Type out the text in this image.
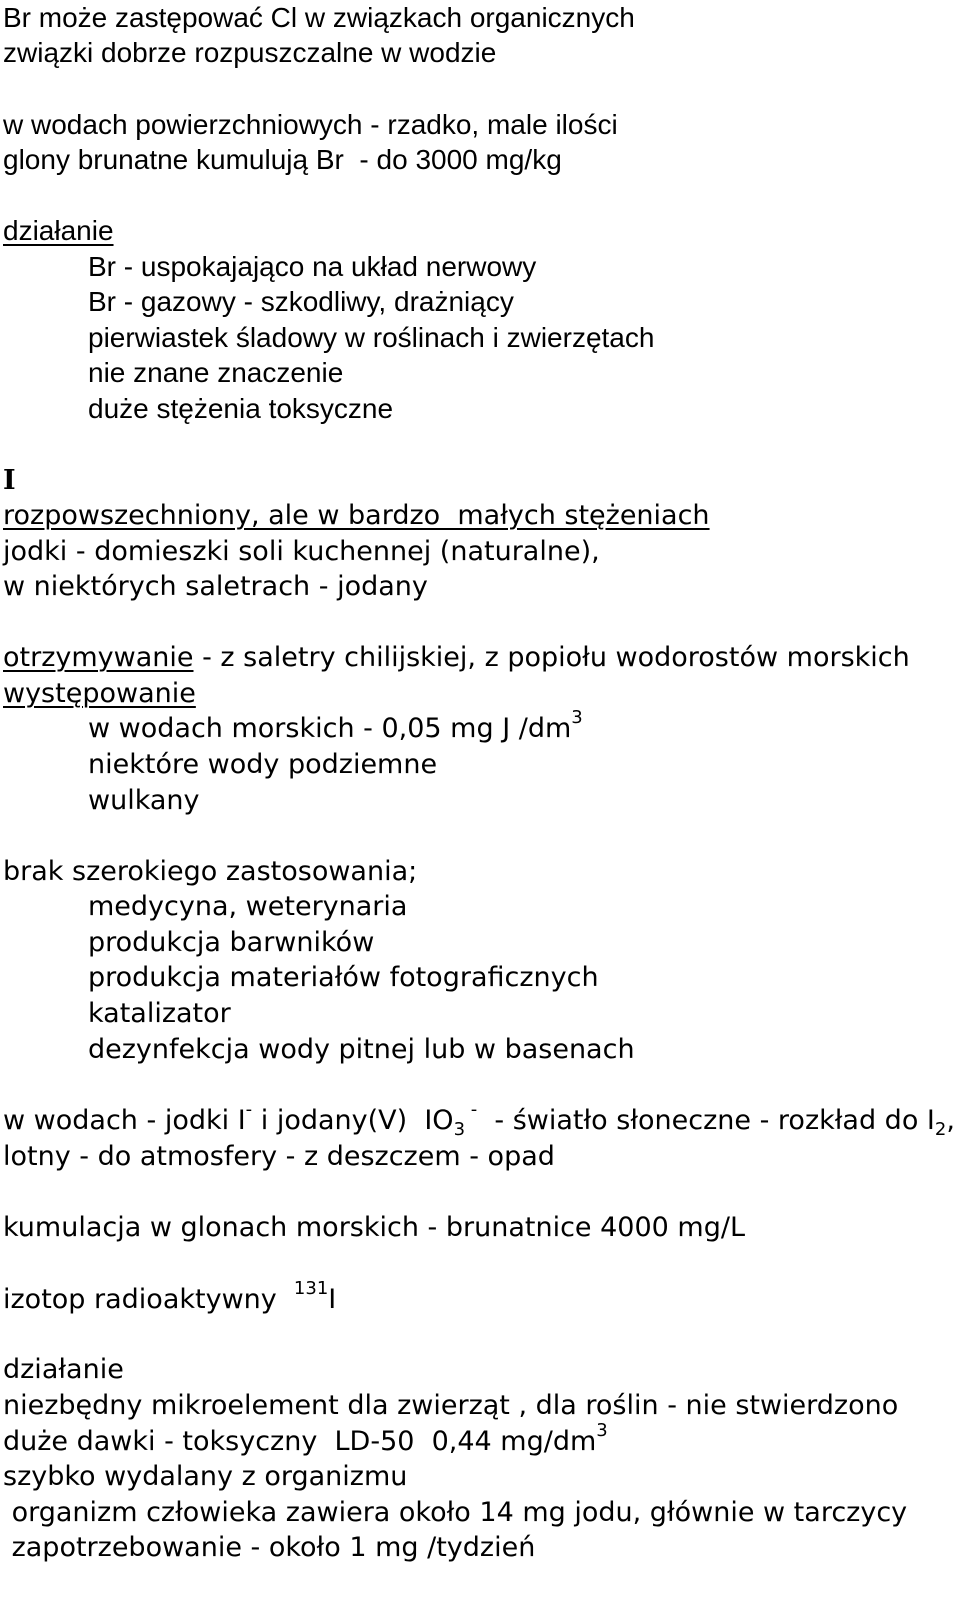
Br może zastępować Cl w związkach organicznych
związki dobrze rozpuszczalne w wodzie
w wodach powierzchniowych - rzadko, male ilości
glony brunatne kumulują Br  - do 3000 mg/kg
działanie
Br - uspokajająco na układ nerwowy
Br - gazowy - szkodliwy, drażniący
pierwiastek śladowy w roślinach i zwierzętach
nie znane znaczenie
duże stężenia toksyczne
I
rozpowszechniony, ale w bardzo  małych stężeniach
jodki - domieszki soli kuchennej (naturalne),
w niektórych saletrach - jodany
otrzymywanie - z saletry chilijskiej, z popiołu wodorostów morskich
występowanie
w wodach morskich - 0,05 mg J $/dm^3$
niektóre wody podziemne
wulkany
brak szerokiego zastosowania;
medycyna, weterynaria
produkcja barwników
produkcja materiałów fotograficznych
katalizator
dezynfekcja wody pitnej lub w basenach
w wodach - jodki I- i jodany(V)  $IO_3$ -  - światło słoneczne - rozkład do $I_2$,
lotny - do atmosfery - z deszczem - opad
kumulacja w glonach morskich - brunatnice 4000 mg/L
izotop radioaktywny  $^{131}$I
działanie
niezbędny mikroelement dla zwierząt , dla roślin - nie stwierdzono
duże dawki - toksyczny  LD-50  0,44 $mg/dm^3$
szybko wydalany z organizmu
organizm człowieka zawiera około 14 mg jodu, głównie w tarczycy
zapotrzebowanie - około 1 mg /tydzień
